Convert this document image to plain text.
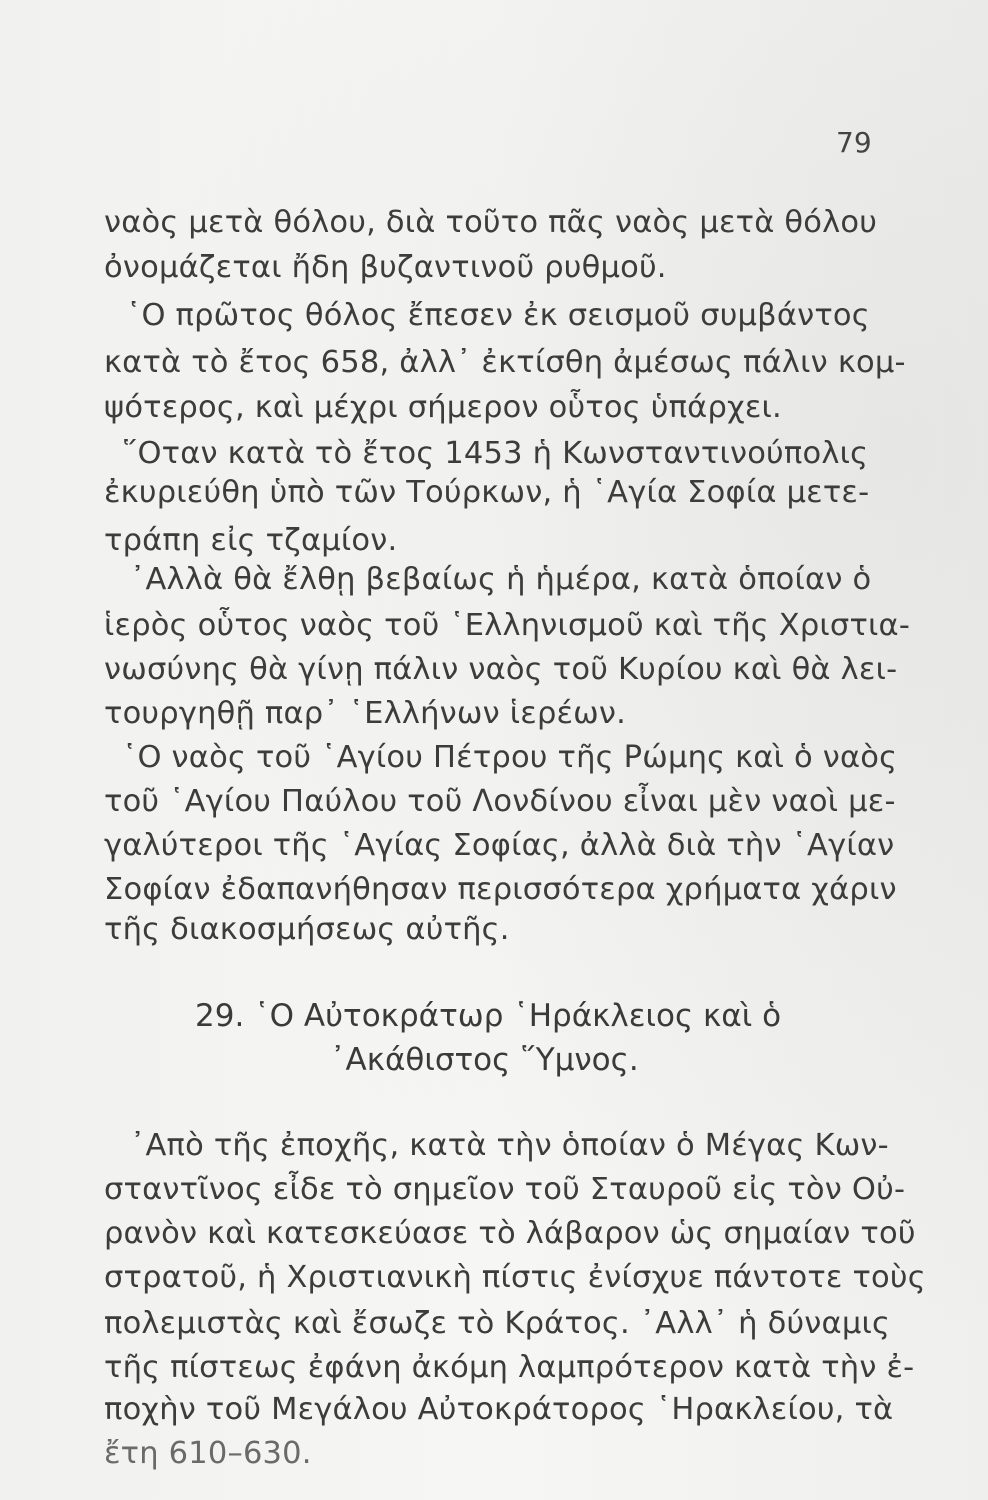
79
ναὸς μετὰ θόλου, διὰ τοῦτο πᾶς ναὸς μετὰ θόλου
ὀνομάζεται ἤδη βυζαντινοῦ ρυθμοῦ.
῾Ο πρῶτος θόλος ἔπεσεν ἐκ σεισμοῦ συμβάντος
κατὰ τὸ ἔτος 658, ἀλλ᾿ ἐκτίσθη ἀμέσως πάλιν κομ-
ψότερος, καὶ μέχρι σήμερον οὗτος ὑπάρχει.
῞Οταν κατὰ τὸ ἔτος 1453 ἡ Κωνσταντινούπολις
ἐκυριεύθη ὑπὸ τῶν Τούρκων, ἡ ῾Αγία Σοφία μετε-
τράπη εἰς τζαμίον.
᾿Αλλὰ θὰ ἔλθῃ βεβαίως ἡ ἡμέρα, κατὰ ὁποίαν ὁ
ἱερὸς οὗτος ναὸς τοῦ ῾Ελληνισμοῦ καὶ τῆς Χριστια-
νωσύνης θὰ γίνῃ πάλιν ναὸς τοῦ Κυρίου καὶ θὰ λει-
τουργηθῇ παρ᾿ ῾Ελλήνων ἱερέων.
῾Ο ναὸς τοῦ ῾Αγίου Πέτρου τῆς Ρώμης καὶ ὁ ναὸς
τοῦ ῾Αγίου Παύλου τοῦ Λονδίνου εἶναι μὲν ναοὶ με-
γαλύτεροι τῆς ῾Αγίας Σοφίας, ἀλλὰ διὰ τὴν ῾Αγίαν
Σοφίαν ἐδαπανήθησαν περισσότερα χρήματα χάριν
τῆς διακοσμήσεως αὐτῆς.
29. ῾Ο Αὐτοκράτωρ ῾Ηράκλειος καὶ ὁ
᾿Ακάθιστος ῞Υμνος.
᾿Απὸ τῆς ἐποχῆς, κατὰ τὴν ὁποίαν ὁ Μέγας Κων-
σταντῖνος εἶδε τὸ σημεῖον τοῦ Σταυροῦ εἰς τὸν Οὐ-
ρανὸν καὶ κατεσκεύασε τὸ λάβαρον ὡς σημαίαν τοῦ
στρατοῦ, ἡ Χριστιανικὴ πίστις ἐνίσχυε πάντοτε τοὺς
πολεμιστὰς καὶ ἔσωζε τὸ Κράτος. ᾿Αλλ᾿ ἡ δύναμις
τῆς πίστεως ἐφάνη ἀκόμη λαμπρότερον κατὰ τὴν ἐ-
ποχὴν τοῦ Μεγάλου Αὐτοκράτορος ῾Ηρακλείου, τὰ
ἔτη 610–630.
